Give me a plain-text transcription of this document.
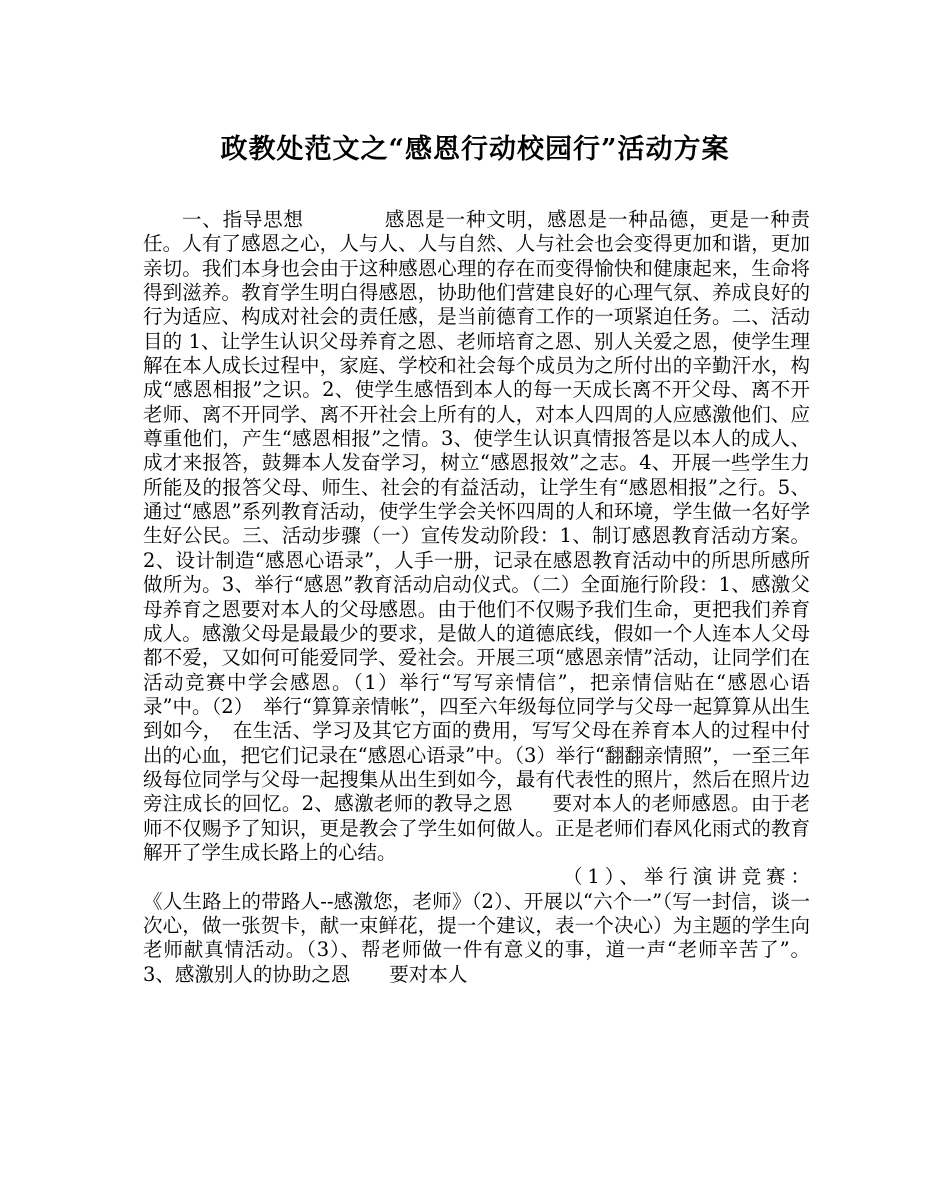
政教处范文之“感恩行动校园行”活动方案

一、指导思想　　　　感恩是一种文明，感恩是一种品德，更是一种责任。人有了感恩之心，人与人、人与自然、人与社会也会变得更加和谐，更加亲切。我们本身也会由于这种感恩心理的存在而变得愉快和健康起来，生命将得到滋养。教育学生明白得感恩，协助他们营建良好的心理气氛、养成良好的行为适应、构成对社会的责任感，是当前德育工作的一项紧迫任务。二、活动目的 1、让学生认识父母养育之恩、老师培育之恩、别人关爱之恩，使学生理解在本人成长过程中，家庭、学校和社会每个成员为之所付出的辛勤汗水，构成“感恩相报”之识。2、使学生感悟到本人的每一天成长离不开父母、离不开老师、离不开同学、离不开社会上所有的人，对本人四周的人应感激他们、应尊重他们，产生“感恩相报”之情。3、使学生认识真情报答是以本人的成人、成才来报答，鼓舞本人发奋学习，树立“感恩报效”之志。4、开展一些学生力所能及的报答父母、师生、社会的有益活动，让学生有“感恩相报”之行。5、通过“感恩”系列教育活动，使学生学会关怀四周的人和环境，学生做一名好学生好公民。三、活动步骤（一）宣传发动阶段：1、制订感恩教育活动方案。2、设计制造“感恩心语录”，人手一册，记录在感恩教育活动中的所思所感所做所为。3、举行“感恩”教育活动启动仪式。（二）全面施行阶段：1、感激父母养育之恩要对本人的父母感恩。由于他们不仅赐予我们生命，更把我们养育成人。感激父母是最最少的要求，是做人的道德底线，假如一个人连本人父母都不爱，又如何可能爱同学、爱社会。开展三项“感恩亲情”活动，让同学们在活动竞赛中学会感恩。（1）举行“写写亲情信”，把亲情信贴在“感恩心语录”中。（2）　举行“算算亲情帐”，四至六年级每位同学与父母一起算算从出生到如今，　在生活、学习及其它方面的费用，写写父母在养育本人的过程中付出的心血，把它们记录在“感恩心语录”中。（3）举行“翻翻亲情照”，一至三年级每位同学与父母一起搜集从出生到如今，最有代表性的照片，然后在照片边旁注成长的回忆。2、感激老师的教导之恩　　要对本人的老师感恩。由于老师不仅赐予了知识，更是教会了学生如何做人。正是老师们春风化雨式的教育解开了学生成长路上的心结。

（1）、举行演讲竞赛：

《人生路上的带路人--感激您，老师》（2）、开展以“六个一”（写一封信，谈一次心，做一张贺卡，献一束鲜花，提一个建议，表一个决心）为主题的学生向老师献真情活动。（3）、帮老师做一件有意义的事，道一声“老师辛苦了”。3、感激别人的协助之恩　　要对本人
